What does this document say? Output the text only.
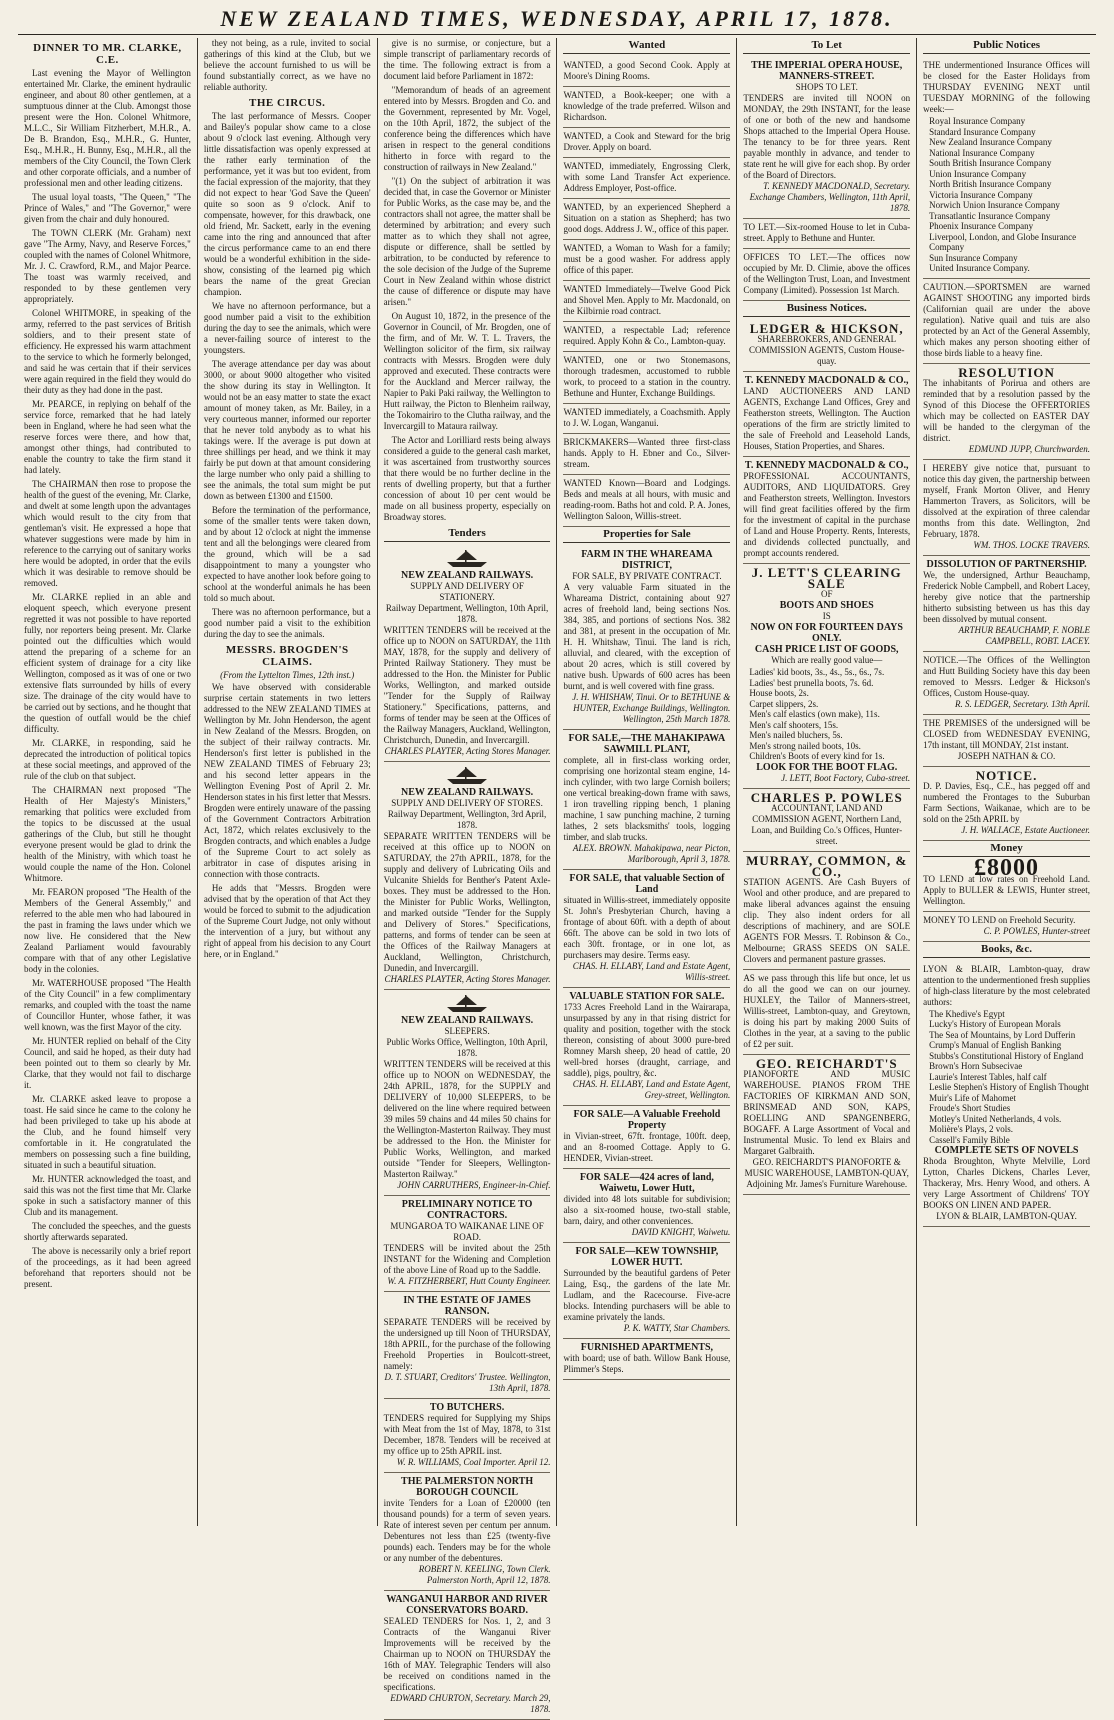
NEW ZEALAND TIMES, WEDNESDAY, APRIL 17, 1878.
DINNER TO MR. CLARKE, C.E.

Last evening the Mayor of Wellington entertained Mr. Clarke, the eminent hydraulic engineer, and about 80 other gentlemen, at a sumptuous dinner at the Club. Amongst those present were the Hon. Colonel Whitmore, M.L.C., Sir William Fitzherbert, M.H.R., A. De B. Brandon, Esq., M.H.R., G. Hunter, Esq., M.H.R., H. Bunny, Esq., M.H.R., all the members of the City Council, the Town Clerk and other corporate officials, and a number of professional men and other leading citizens.

The usual loyal toasts, "The Queen," "The Prince of Wales," and "The Governor," were given from the chair and duly honoured.

The TOWN CLERK (Mr. Graham) next gave "The Army, Navy, and Reserve Forces," coupled with the names of Colonel Whitmore, Mr. J. C. Crawford, R.M., and Major Pearce. The toast was warmly received, and responded to by these gentlemen very appropriately.

Colonel WHITMORE, in speaking of the army, referred to the past services of British soldiers, and to their present state of efficiency. He expressed his warm attachment to the service to which he formerly belonged, and said he was certain that if their services were again required in the field they would do their duty as they had done in the past.

Mr. PEARCE, in replying on behalf of the service force, remarked that he had lately been in England, where he had seen what the reserve forces were there, and how that, amongst other things, had contributed to enable the country to take the firm stand it had lately.

The CHAIRMAN then rose to propose the health of the guest of the evening, Mr. Clarke, and dwelt at some length upon the advantages which would result to the city from that gentleman's visit. He expressed a hope that whatever suggestions were made by him in reference to the carrying out of sanitary works here would be adopted, in order that the evils which it was desirable to remove should be removed.

Mr. CLARKE replied in an able and eloquent speech, which everyone present regretted it was not possible to have reported fully, nor reporters being present. Mr. Clarke pointed out the difficulties which would attend the preparing of a scheme for an efficient system of drainage for a city like Wellington, composed as it was of one or two extensive flats surrounded by hills of every size. The drainage of the city would have to be carried out by sections, and he thought that the question of outfall would be the chief difficulty.

Mr. CLARKE, in responding, said he deprecated the introduction of political topics at these social meetings, and approved of the rule of the club on that subject.

The CHAIRMAN next proposed "The Health of Her Majesty's Ministers," remarking that politics were excluded from the topics to be discussed at the usual gatherings of the Club, but still he thought everyone present would be glad to drink the health of the Ministry, with which toast he would couple the name of the Hon. Colonel Whitmore.

Mr. FEARON proposed "The Health of the Members of the General Assembly," and referred to the able men who had laboured in the past in framing the laws under which we now live. He considered that the New Zealand Parliament would favourably compare with that of any other Legislative body in the colonies.

Mr. WATERHOUSE proposed "The Health of the City Council" in a few complimentary remarks, and coupled with the toast the name of Councillor Hunter, whose father, it was well known, was the first Mayor of the city.

Mr. HUNTER replied on behalf of the City Council, and said he hoped, as their duty had been pointed out to them so clearly by Mr. Clarke, that they would not fail to discharge it.

Mr. CLARKE asked leave to propose a toast. He said since he came to the colony he had been privileged to take up his abode at the Club, and he found himself very comfortable in it. He congratulated the members on possessing such a fine building, situated in such a beautiful situation.

Mr. HUNTER acknowledged the toast, and said this was not the first time that Mr. Clarke spoke in such a satisfactory manner of this Club and its management.

The concluded the speeches, and the guests shortly afterwards separated.

The above is necessarily only a brief report of the proceedings, as it had been agreed beforehand that reporters should not be present.

they not being, as a rule, invited to social gatherings of this kind at the Club, but we believe the account furnished to us will be found substantially correct, as we have no reliable authority.

THE CIRCUS.

The last performance of Messrs. Cooper and Bailey's popular show came to a close about 9 o'clock last evening. Although very little dissatisfaction was openly expressed at the rather early termination of the performance, yet it was but too evident, from the facial expression of the majority, that they did not expect to hear 'God Save the Queen' quite so soon as 9 o'clock. Anif to compensate, however, for this drawback, one old friend, Mr. Sackett, early in the evening came into the ring and announced that after the circus performance came to an end there would be a wonderful exhibition in the side-show, consisting of the learned pig which bears the name of the great Grecian champion.

We have no afternoon performance, but a good number paid a visit to the exhibition during the day to see the animals, which were a never-failing source of interest to the youngsters.

The average attendance per day was about 3000, or about 9000 altogether who visited the show during its stay in Wellington. It would not be an easy matter to state the exact amount of money taken, as Mr. Bailey, in a very courteous manner, informed our reporter that he never told anybody as to what his takings were. If the average is put down at three shillings per head, and we think it may fairly be put down at that amount considering the large number who only paid a shilling to see the animals, the total sum might be put down as between £1300 and £1500.

Before the termination of the performance, some of the smaller tents were taken down, and by about 12 o'clock at night the immense tent and all the belongings were cleared from the ground, which will be a sad disappointment to many a youngster who expected to have another look before going to school at the wonderful animals he has been told so much about.

There was no afternoon performance, but a good number paid a visit to the exhibition during the day to see the animals.

MESSRS. BROGDEN'S CLAIMS.
(From the Lyttelton Times, 12th inst.)

We have observed with considerable surprise certain statements in two letters addressed to the NEW ZEALAND TIMES at Wellington by Mr. John Henderson, the agent in New Zealand of the Messrs. Brogden, on the subject of their railway contracts. Mr. Henderson's first letter is published in the NEW ZEALAND TIMES of February 23; and his second letter appears in the Wellington Evening Post of April 2. Mr. Henderson states in his first letter that Messrs. Brogden were entirely unaware of the passing of the Government Contractors Arbitration Act, 1872, which relates exclusively to the Brogden contracts, and which enables a Judge of the Supreme Court to act solely as arbitrator in case of disputes arising in connection with those contracts.

He adds that "Messrs. Brogden were advised that by the operation of that Act they would be forced to submit to the adjudication of the Supreme Court Judge, not only without the intervention of a jury, but without any right of appeal from his decision to any Court here, or in England."

give is no surmise, or conjecture, but a simple transcript of parliamentary records of the time. The following extract is from a document laid before Parliament in 1872:

"Memorandum of heads of an agreement entered into by Messrs. Brogden and Co. and the Government, represented by Mr. Vogel, on the 10th April, 1872, the subject of the conference being the differences which have arisen in respect to the general conditions hitherto in force with regard to the construction of railways in New Zealand."

"(1) On the subject of arbitration it was decided that, in case the Governor or Minister for Public Works, as the case may be, and the contractors shall not agree, the matter shall be determined by arbitration; and every such matter as to which they shall not agree, dispute or difference, shall be settled by arbitration, to be conducted by reference to the sole decision of the Judge of the Supreme Court in New Zealand within whose district the cause of difference or dispute may have arisen."

On August 10, 1872, in the presence of the Governor in Council, of Mr. Brogden, one of the firm, and of Mr. W. T. L. Travers, the Wellington solicitor of the firm, six railway contracts with Messrs. Brogden were duly approved and executed. These contracts were for the Auckland and Mercer railway, the Napier to Paki Paki railway, the Wellington to Hutt railway, the Picton to Blenheim railway, the Tokomairiro to the Clutha railway, and the Invercargill to Mataura railway.

The Actor and Lorilliard rests being always considered a guide to the general cash market, it was ascertained from trustworthy sources that there would be no further decline in the rents of dwelling property, but that a further concession of about 10 per cent would be made on all business property, especially on Broadway stores.

Tenders
NEW ZEALAND RAILWAYS.
SUPPLY AND DELIVERY OF STATIONERY.
Railway Department, Wellington, 10th April, 1878.

WRITTEN TENDERS will be received at the office up to NOON on SATURDAY, the 11th MAY, 1878, for the supply and delivery of Printed Railway Stationery. They must be addressed to the Hon. the Minister for Public Works, Wellington, and marked outside "Tender for the Supply of Railway Stationery." Specifications, patterns, and forms of tender may be seen at the Offices of the Railway Managers, Auckland, Wellington, Christchurch, Dunedin, and Invercargill.

CHARLES PLAYTER, Acting Stores Manager.
NEW ZEALAND RAILWAYS.
SUPPLY AND DELIVERY OF STORES.
Railway Department, Wellington, 3rd April, 1878.

SEPARATE WRITTEN TENDERS will be received at this office up to NOON on SATURDAY, the 27th APRIL, 1878, for the supply and delivery of Lubricating Oils and Vulcanite Shields for Benther's Patent Axle-boxes. They must be addressed to the Hon. the Minister for Public Works, Wellington, and marked outside "Tender for the Supply and Delivery of Stores." Specifications, patterns, and forms of tender can be seen at the Offices of the Railway Managers at Auckland, Wellington, Christchurch, Dunedin, and Invercargill.

CHARLES PLAYTER, Acting Stores Manager.
NEW ZEALAND RAILWAYS.
SLEEPERS.
Public Works Office, Wellington, 10th April, 1878.

WRITTEN TENDERS will be received at this office up to NOON on WEDNESDAY, the 24th APRIL, 1878, for the SUPPLY and DELIVERY of 10,000 SLEEPERS, to be delivered on the line where required between 39 miles 59 chains and 44 miles 50 chains for the Wellington-Masterton Railway. They must be addressed to the Hon. the Minister for Public Works, Wellington, and marked outside "Tender for Sleepers, Wellington-Masterton Railway."

JOHN CARRUTHERS, Engineer-in-Chief.
PRELIMINARY NOTICE TO CONTRACTORS.
MUNGAROA TO WAIKANAE LINE OF ROAD.

TENDERS will be invited about the 25th INSTANT for the Widening and Completion of the above Line of Road up to the Saddle.

W. A. FITZHERBERT, Hutt County Engineer.
IN THE ESTATE OF JAMES RANSON.

SEPARATE TENDERS will be received by the undersigned up till Noon of THURSDAY, 18th APRIL, for the purchase of the following Freehold Properties in Boulcott-street, namely:

D. T. STUART, Creditors' Trustee. Wellington, 13th April, 1878.
TO BUTCHERS.

TENDERS required for Supplying my Ships with Meat from the 1st of May, 1878, to 31st December, 1878. Tenders will be received at my office up to 25th APRIL inst.

W. R. WILLIAMS, Coal Importer. April 12.
THE PALMERSTON NORTH BOROUGH COUNCIL

invite Tenders for a Loan of £20000 (ten thousand pounds) for a term of seven years. Rate of interest seven per centum per annum. Debentures not less than £25 (twenty-five pounds) each. Tenders may be for the whole or any number of the debentures.

ROBERT N. KEELING, Town Clerk. Palmerston North, April 12, 1878.
WANGANUI HARBOR AND RIVER CONSERVATORS BOARD.

SEALED TENDERS for Nos. 1, 2, and 3 Contracts of the Wanganui River Improvements will be received by the Chairman up to NOON on THURSDAY the 16th of MAY. Telegraphic Tenders will also be received on conditions named in the specifications.

EDWARD CHURTON, Secretary. March 29, 1878.
Wanted

WANTED, a good Second Cook. Apply at Moore's Dining Rooms.

WANTED, a Book-keeper; one with a knowledge of the trade preferred. Wilson and Richardson.

WANTED, a Cook and Steward for the brig Drover. Apply on board.

WANTED, immediately, Engrossing Clerk, with some Land Transfer Act experience. Address Employer, Post-office.

WANTED, by an experienced Shepherd a Situation on a station as Shepherd; has two good dogs. Address J. W., office of this paper.

WANTED, a Woman to Wash for a family; must be a good washer. For address apply office of this paper.

WANTED Immediately—Twelve Good Pick and Shovel Men. Apply to Mr. Macdonald, on the Kilbirnie road contract.

WANTED, a respectable Lad; reference required. Apply Kohn & Co., Lambton-quay.

WANTED, one or two Stonemasons, thorough tradesmen, accustomed to rubble work, to proceed to a station in the country. Bethune and Hunter, Exchange Buildings.

WANTED immediately, a Coachsmith. Apply to J. W. Logan, Wanganui.

BRICKMAKERS—Wanted three first-class hands. Apply to H. Ebner and Co., Silver-stream.

WANTED Known—Board and Lodgings. Beds and meals at all hours, with music and reading-room. Baths hot and cold. P. A. Jones, Wellington Saloon, Willis-street.

Properties for Sale
FARM IN THE WHAREAMA DISTRICT,
FOR SALE, BY PRIVATE CONTRACT.

A very valuable Farm situated in the Whareama District, containing about 927 acres of freehold land, being sections Nos. 384, 385, and portions of sections Nos. 382 and 381, at present in the occupation of Mr. H. H. Whitshaw, Tinui. The land is rich, alluvial, and cleared, with the exception of about 20 acres, which is still covered by native bush. Upwards of 600 acres has been burnt, and is well covered with fine grass.

J. H. WHISHAW, Tinui. Or to BETHUNE & HUNTER, Exchange Buildings, Wellington. Wellington, 25th March 1878.
FOR SALE,—THE MAHAKIPAWA SAWMILL PLANT,

complete, all in first-class working order, comprising one horizontal steam engine, 14-inch cylinder, with two large Cornish boilers; one vertical breaking-down frame with saws, 1 iron travelling ripping bench, 1 planing machine, 1 saw punching machine, 2 turning lathes, 2 sets blacksmiths' tools, logging timber, and slab trucks.

ALEX. BROWN. Mahakipawa, near Picton, Marlborough, April 3, 1878.
FOR SALE, that valuable Section of Land

situated in Willis-street, immediately opposite St. John's Presbyterian Church, having a frontage of about 60ft. with a depth of about 66ft. The above can be sold in two lots of each 30ft. frontage, or in one lot, as purchasers may desire. Terms easy.

CHAS. H. ELLABY, Land and Estate Agent, Willis-street.
VALUABLE STATION FOR SALE.

1733 Acres Freehold Land in the Wairarapa, unsurpassed by any in that rising district for quality and position, together with the stock thereon, consisting of about 3000 pure-bred Romney Marsh sheep, 20 head of cattle, 20 well-bred horses (draught, carriage, and saddle), pigs, poultry, &c.

CHAS. H. ELLABY, Land and Estate Agent, Grey-street, Wellington.
FOR SALE—A Valuable Freehold Property

in Vivian-street, 67ft. frontage, 100ft. deep, and an 8-roomed Cottage. Apply to G. HENDER, Vivian-street.

FOR SALE—424 acres of land, Waiwetu, Lower Hutt,

divided into 48 lots suitable for subdivision; also a six-roomed house, two-stall stable, barn, dairy, and other conveniences.

DAVID KNIGHT, Waiwetu.
FOR SALE—KEW TOWNSHIP, LOWER HUTT.

Surrounded by the beautiful gardens of Peter Laing, Esq., the gardens of the late Mr. Ludlam, and the Racecourse. Five-acre blocks. Intending purchasers will be able to examine privately the lands.

P. K. WATTY, Star Chambers.
FURNISHED APARTMENTS,

with board; use of bath. Willow Bank House, Plimmer's Steps.

To Let
THE IMPERIAL OPERA HOUSE, MANNERS-STREET.
SHOPS TO LET.

TENDERS are invited till NOON on MONDAY, the 29th INSTANT, for the lease of one or both of the new and handsome Shops attached to the Imperial Opera House. The tenancy to be for three years. Rent payable monthly in advance, and tender to state rent he will give for each shop. By order of the Board of Directors.

T. KENNEDY MACDONALD, Secretary. Exchange Chambers, Wellington, 11th April, 1878.

TO LET.—Six-roomed House to let in Cuba-street. Apply to Bethune and Hunter.

OFFICES TO LET.—The offices now occupied by Mr. D. Climie, above the offices of the Wellington Trust, Loan, and Investment Company (Limited). Possession 1st March.

Business Notices.
LEDGER & HICKSON,
SHAREBROKERS, AND GENERAL COMMISSION AGENTS, Custom House-quay.
T. KENNEDY MACDONALD & CO.,

LAND AUCTIONEERS AND LAND AGENTS, Exchange Land Offices, Grey and Featherston streets, Wellington. The Auction operations of the firm are strictly limited to the sale of Freehold and Leasehold Lands, Houses, Station Properties, and Shares.

T. KENNEDY MACDONALD & CO.,

PROFESSIONAL ACCOUNTANTS, AUDITORS, AND LIQUIDATORS. Grey and Featherston streets, Wellington. Investors will find great facilities offered by the firm for the investment of capital in the purchase of Land and House Property. Rents, Interests, and dividends collected punctually, and prompt accounts rendered.

J. LETT'S CLEARING SALE
OF
BOOTS AND SHOES
IS
NOW ON FOR FOURTEEN DAYS ONLY.
CASH PRICE LIST OF GOODS,
Which are really good value—
Ladies' kid boots, 3s., 4s., 5s., 6s., 7s.
Ladies' best prunella boots, 7s. 6d.
House boots, 2s.
Carpet slippers, 2s.
Men's calf elastics (own make), 11s.
Men's calf shooters, 15s.
Men's nailed bluchers, 5s.
Men's strong nailed boots, 10s.
Children's Boots of every kind for 1s.
LOOK FOR THE BOOT FLAG.
J. LETT, Boot Factory, Cuba-street.
CHARLES P. POWLES
ACCOUNTANT, LAND AND COMMISSION AGENT, Northern Land, Loan, and Building Co.'s Offices, Hunter-street.
MURRAY, COMMON, & CO.,

STATION AGENTS. Are Cash Buyers of Wool and other produce, and are prepared to make liberal advances against the ensuing clip. They also indent orders for all descriptions of machinery, and are SOLE AGENTS FOR Messrs. T. Robinson & Co., Melbourne; GRASS SEEDS ON SALE. Clovers and permanent pasture grasses.

AS we pass through this life but once, let us do all the good we can on our journey. HUXLEY, the Tailor of Manners-street, Willis-street, Lambton-quay, and Greytown, is doing his part by making 2000 Suits of Clothes in the year, at a saving to the public of £2 per suit.

GEO. REICHARDT'S

PIANOFORTE AND MUSIC WAREHOUSE. PIANOS FROM THE FACTORIES OF KIRKMAN AND SON, BRINSMEAD AND SON, KAPS, ROELLING AND SPANGENBERG, BOGAFF. A Large Assortment of Vocal and Instrumental Music. To lend ex Blairs and Margaret Galbraith.

GEO. REICHARDT'S PIANOFORTE & MUSIC WAREHOUSE, LAMBTON-QUAY, Adjoining Mr. James's Furniture Warehouse.
Public Notices

THE undermentioned Insurance Offices will be closed for the Easter Holidays from THURSDAY EVENING NEXT until TUESDAY MORNING of the following week:—

Royal Insurance Company
Standard Insurance Company
New Zealand Insurance Company
National Insurance Company
South British Insurance Company
Union Insurance Company
North British Insurance Company
Victoria Insurance Company
Norwich Union Insurance Company
Transatlantic Insurance Company
Phoenix Insurance Company
Liverpool, London, and Globe Insurance Company
Sun Insurance Company
United Insurance Company.

CAUTION.—SPORTSMEN are warned AGAINST SHOOTING any imported birds (Californian quail are under the above regulation). Native quail and tuis are also protected by an Act of the General Assembly, which makes any person shooting either of those birds liable to a heavy fine.

RESOLUTION

The inhabitants of Porirua and others are reminded that by a resolution passed by the Synod of this Diocese the OFFERTORIES which may be collected on EASTER DAY will be handed to the clergyman of the district.

EDMUND JUPP, Churchwarden.

I HEREBY give notice that, pursuant to notice this day given, the partnership between myself, Frank Morton Oliver, and Henry Hammerton Travers, as Solicitors, will be dissolved at the expiration of three calendar months from this date. Wellington, 2nd February, 1878.

WM. THOS. LOCKE TRAVERS.
DISSOLUTION OF PARTNERSHIP.

We, the undersigned, Arthur Beauchamp, Frederick Noble Campbell, and Robert Lacey, hereby give notice that the partnership hitherto subsisting between us has this day been dissolved by mutual consent.

ARTHUR BEAUCHAMP, F. NOBLE CAMPBELL, ROBT. LACEY.

NOTICE.—The Offices of the Wellington and Hutt Building Society have this day been removed to Messrs. Ledger & Hickson's Offices, Custom House-quay.

R. S. LEDGER, Secretary. 13th April.

THE PREMISES of the undersigned will be CLOSED from WEDNESDAY EVENING, 17th instant, till MONDAY, 21st instant.

JOSEPH NATHAN & CO.
NOTICE.

D. P. Davies, Esq., C.E., has pegged off and numbered the Frontages to the Suburban Farm Sections, Waikanae, which are to be sold on the 25th APRIL by

J. H. WALLACE, Estate Auctioneer.
Money
£8000

TO LEND at low rates on Freehold Land. Apply to BULLER & LEWIS, Hunter street, Wellington.

MONEY TO LEND on Freehold Security.

C. P. POWLES, Hunter-street
Books, &c.

LYON & BLAIR, Lambton-quay, draw attention to the undermentioned fresh supplies of high-class literature by the most celebrated authors:

The Khedive's Egypt
Lucky's History of European Morals
The Sea of Mountains, by Lord Dufferin
Crump's Manual of English Banking
Stubbs's Constitutional History of England
Brown's Horn Subsecivae
Laurie's Interest Tables, half calf
Leslie Stephen's History of English Thought
Muir's Life of Mahomet
Froude's Short Studies
Motley's United Netherlands, 4 vols.
Molière's Plays, 2 vols.
Cassell's Family Bible
COMPLETE SETS OF NOVELS

Rhoda Broughton, Whyte Melville, Lord Lytton, Charles Dickens, Charles Lever, Thackeray, Mrs. Henry Wood, and others. A very Large Assortment of Childrens' TOY BOOKS ON LINEN AND PAPER.

LYON & BLAIR, LAMBTON-QUAY.
